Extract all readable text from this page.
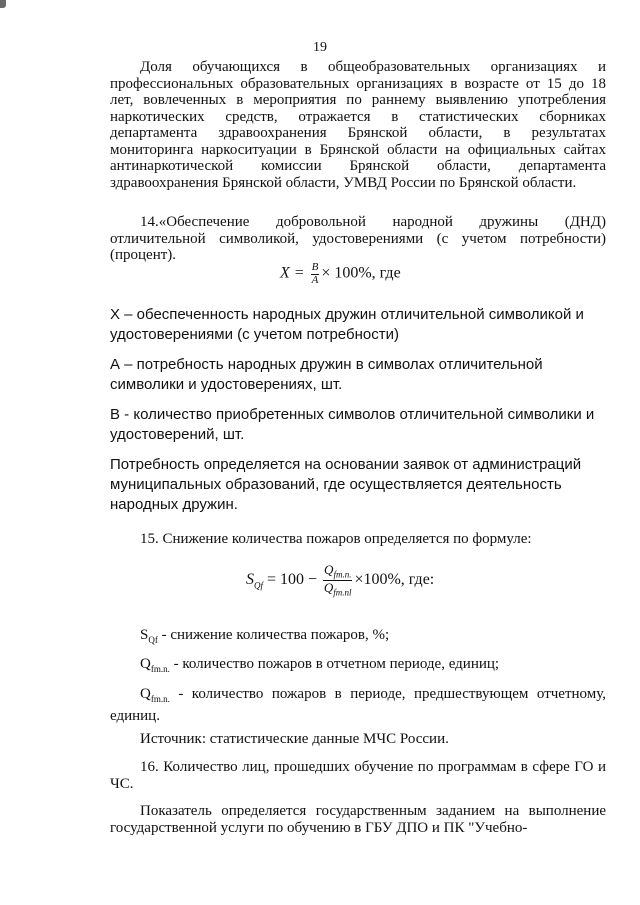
19

Доля обучающихся в общеобразовательных организациях и профессиональных образовательных организациях в возрасте от 15 до 18 лет, вовлеченных в мероприятия по раннему выявлению употребления наркотических средств, отражается в статистических сборниках департамента здравоохранения Брянской области, в результатах мониторинга наркоситуации в Брянской области на официальных сайтах антинаркотической комиссии Брянской области, департамента здравоохранения Брянской области, УМВД России по Брянской области.

14.«Обеспечение добровольной народной дружины (ДНД) отличительной символикой, удостоверениями (с учетом потребности) (процент).

$X = \frac{B}{A} \times 100\%$, где

Х – обеспеченность народных дружин отличительной символикой и удостоверениями (с учетом потребности)

А – потребность народных дружин в символах отличительной символики и удостоверениях, шт.

В - количество приобретенных символов отличительной символики и удостоверений, шт.

Потребность определяется на основании заявок от администраций муниципальных образований, где осуществляется деятельность народных дружин.

15. Снижение количества пожаров определяется по формуле:

$S_{Qf} = 100 - \frac{Q_{fm.n.}}{Q_{fm.nl}} \times 100\%$, где:

$S_{Qf}$ - снижение количества пожаров, %;

$Q_{fm.n.}$ - количество пожаров в отчетном периоде, единиц;

$Q_{fm.n.}$ - количество пожаров в периоде, предшествующем отчетному, единиц.

Источник: статистические данные МЧС России.

16. Количество лиц, прошедших обучение по программам в сфере ГО и ЧС.

Показатель определяется государственным заданием на выполнение государственной услуги по обучению в ГБУ ДПО и ПК "Учебно-
